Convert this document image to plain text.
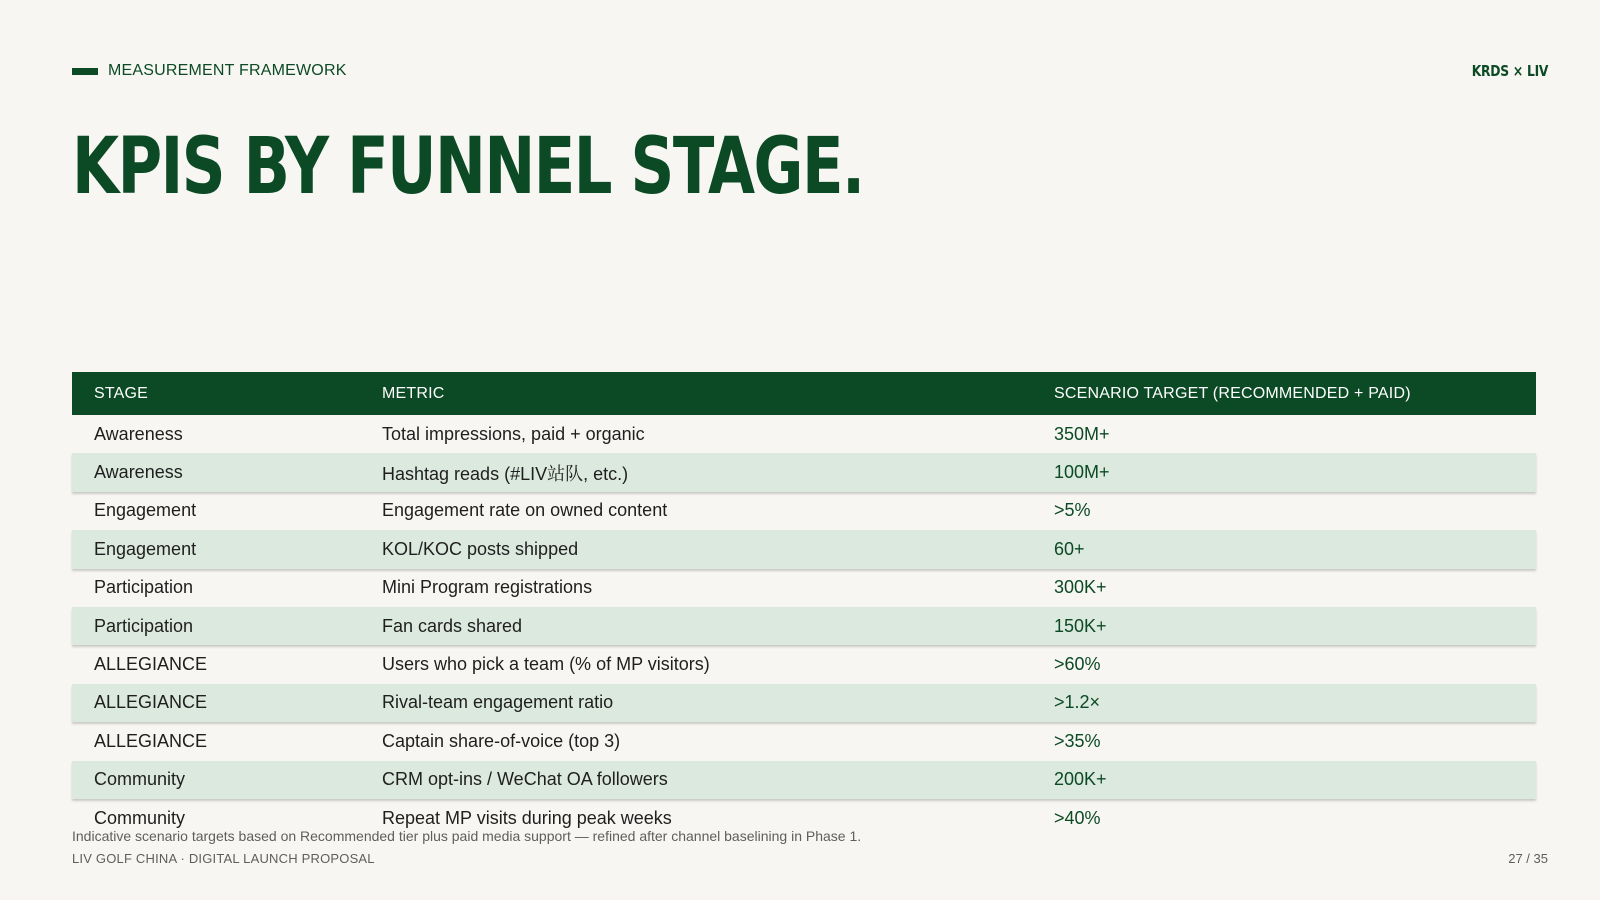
MEASUREMENT FRAMEWORK	KRDS × LIV
KPIS BY FUNNEL STAGE.
STAGE	METRIC	SCENARIO TARGET (RECOMMENDED + PAID)
Awareness	Total impressions, paid + organic	350M+
Awareness	Hashtag reads (#LIV站队, etc.)	100M+
Engagement	Engagement rate on owned content	>5%
Engagement	KOL/KOC posts shipped	60+
Participation	Mini Program registrations	300K+
Participation	Fan cards shared	150K+
ALLEGIANCE	Users who pick a team (% of MP visitors)	>60%
ALLEGIANCE	Rival-team engagement ratio	>1.2×
ALLEGIANCE	Captain share-of-voice (top 3)	>35%
Community	CRM opt-ins / WeChat OA followers	200K+
Community	Repeat MP visits during peak weeks	>40%
Indicative scenario targets based on Recommended tier plus paid media support — refined after channel baselining in Phase 1.
LIV GOLF CHINA · DIGITAL LAUNCH PROPOSAL	27 / 35
